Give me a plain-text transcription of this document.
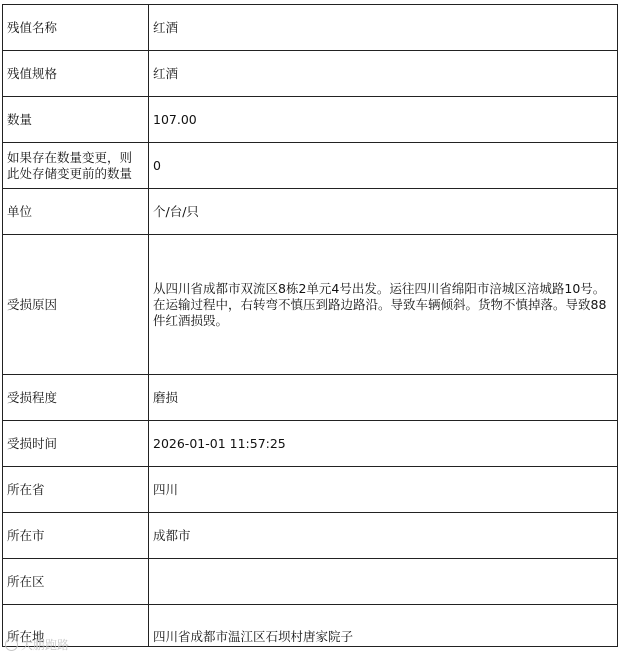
残值名称	红酒
残值规格	红酒
数量	107.00
如果存在数量变更，则此处存储变更前的数量	0
单位	个/台/只
受损原因	从四川省成都市双流区8栋2单元4号出发。运往四川省绵阳市涪城区涪城路10号。在运输过程中，右转弯不慎压到路边路沿。导致车辆倾斜。货物不慎掉落。导致88件红酒损毁。
受损程度	磨损
受损时间	2026-01-01 11:57:25
所在省	四川
所在市	成都市
所在区	
所在地	四川省成都市温江区石坝村唐家院子
大鹏跑路
